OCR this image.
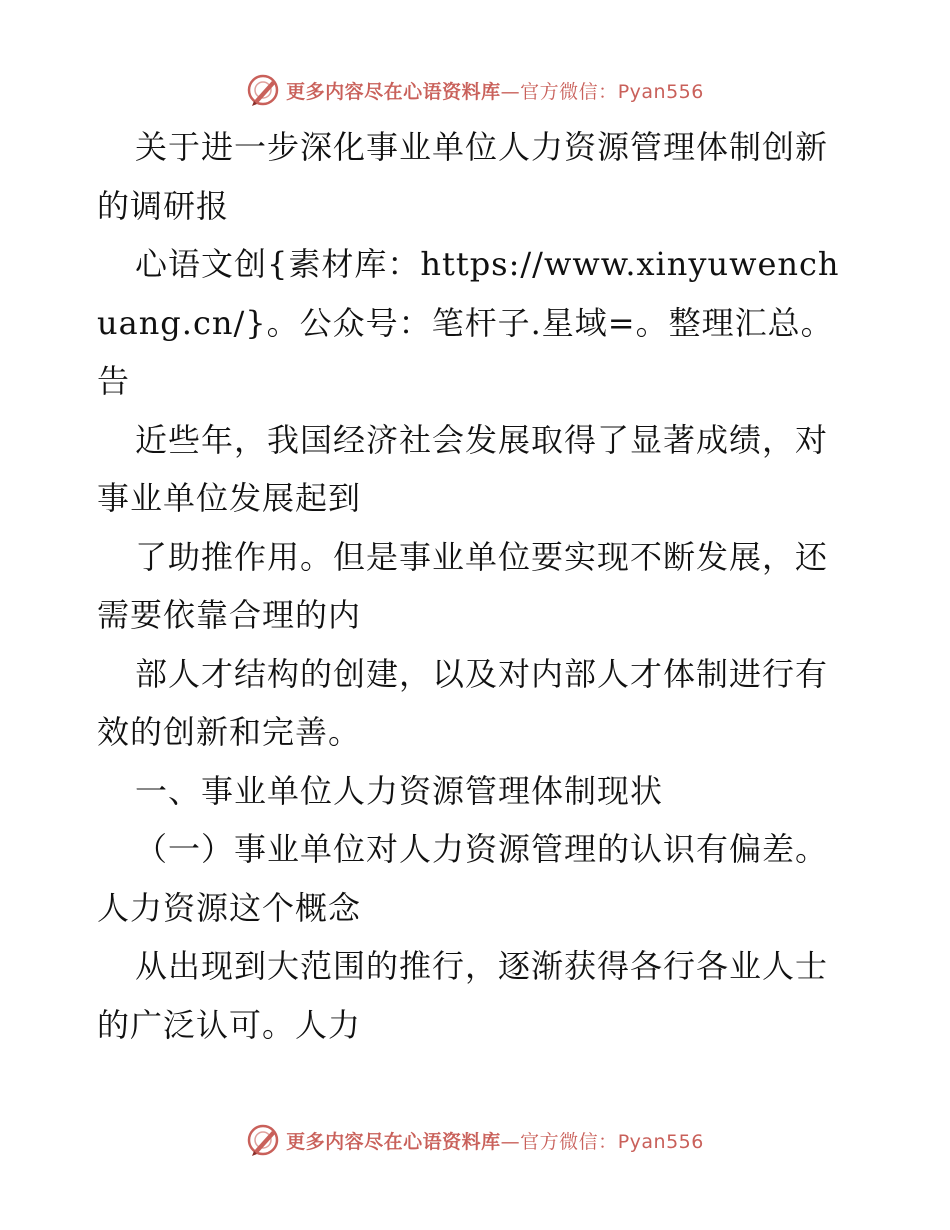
更多内容尽在心语资料库—官方微信：Pyan556

关于进一步深化事业单位人力资源管理体制创新的调研报

心语文创{素材库：https://www.xinyuwenchuang.cn/}。公众号：笔杆子.星域=。整理汇总。告

近些年，我国经济社会发展取得了显著成绩，对事业单位发展起到

了助推作用。但是事业单位要实现不断发展，还需要依靠合理的内

部人才结构的创建，以及对内部人才体制进行有效的创新和完善。

一、事业单位人力资源管理体制现状

（一）事业单位对人力资源管理的认识有偏差。人力资源这个概念

从出现到大范围的推行，逐渐获得各行各业人士的广泛认可。人力

更多内容尽在心语资料库—官方微信：Pyan556
